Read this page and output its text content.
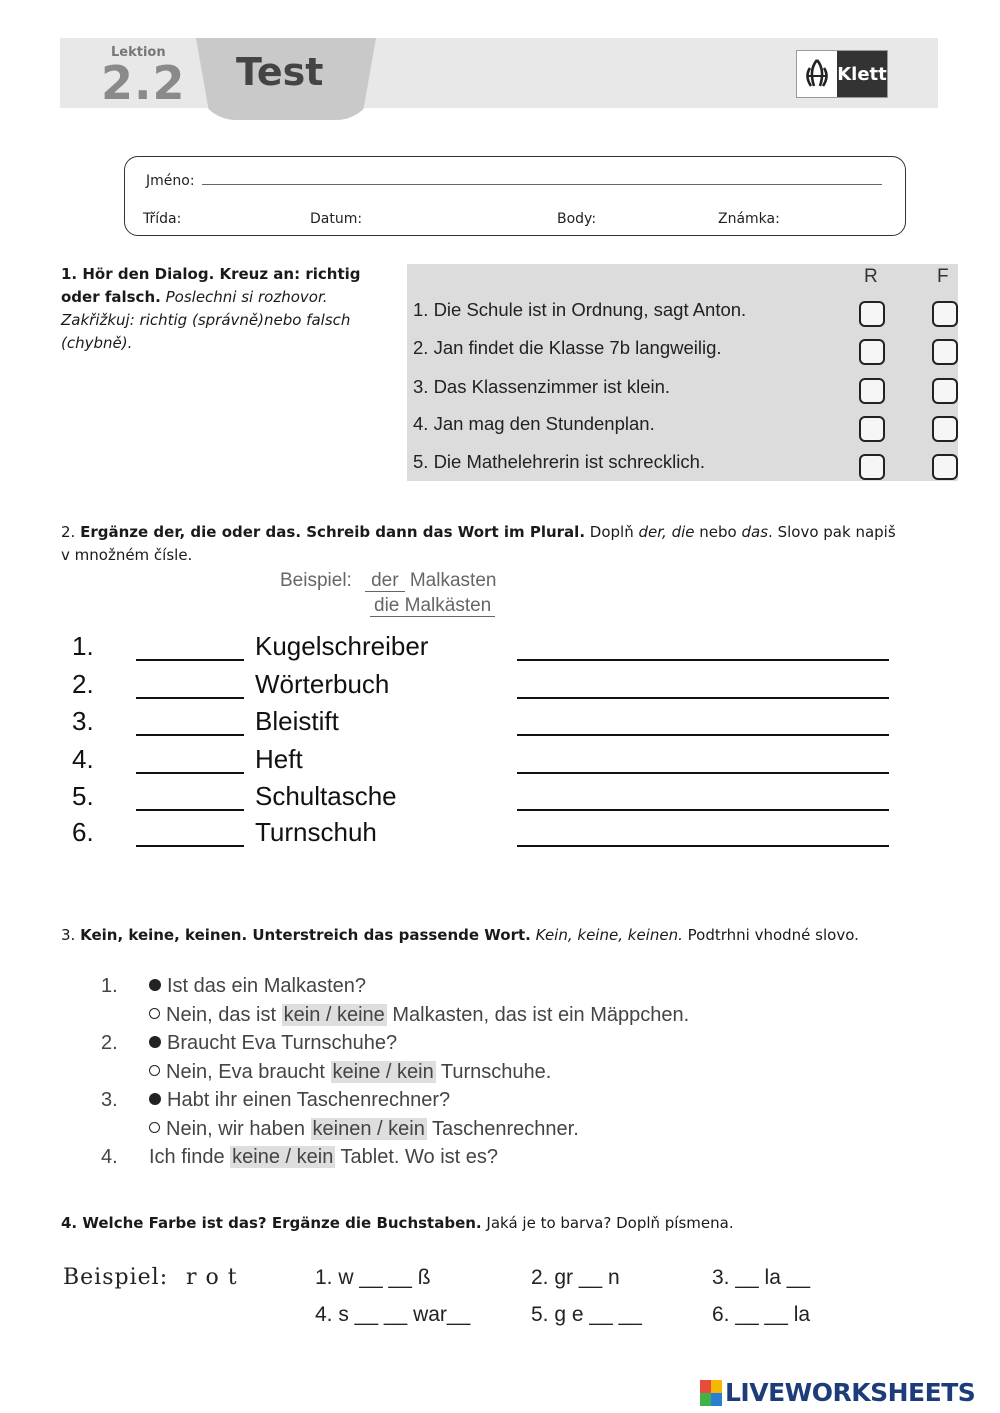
Lektion
2.2 Test	Klett
Jméno:
Třída:	Datum:	Body:	Známka:
1. Hör den Dialog. Kreuz an: richtig oder falsch. Poslechni si rozhovor. Zakřižkuj: richtig (správně)nebo falsch (chybně).
R	F
1. Die Schule ist in Ordnung, sagt Anton.
2. Jan findet die Klasse 7b langweilig.
3. Das Klassenzimmer ist klein.
4. Jan mag den Stundenplan.
5. Die Mathelehrerin ist schrecklich.
2. Ergänze der, die oder das. Schreib dann das Wort im Plural. Doplň der, die nebo das. Slovo pak napiš v množném čísle.
Beispiel: der Malkasten
die Malkästen
1.	Kugelschreiber
2.	Wörterbuch
3.	Bleistift
4.	Heft
5.	Schultasche
6.	Turnschuh
3. Kein, keine, keinen. Unterstreich das passende Wort. Kein, keine, keinen. Podtrhni vhodné slovo.
1.	Ist das ein Malkasten?
Nein, das ist kein / keine Malkasten, das ist ein Mäppchen.
2.	Braucht Eva Turnschuhe?
Nein, Eva braucht keine / kein Turnschuhe.
3.	Habt ihr einen Taschenrechner?
Nein, wir haben keinen / kein Taschenrechner.
4. Ich finde keine / kein Tablet. Wo ist es?
4. Welche Farbe ist das? Ergänze die Buchstaben. Jaká je to barva? Doplň písmena.
Beispiel: r o t	1. w __ __ ß	2. gr __ n	3. __ la __
4. s __ __ war__	5. g e __ __	6. __ __ la
LIVEWORKSHEETS
